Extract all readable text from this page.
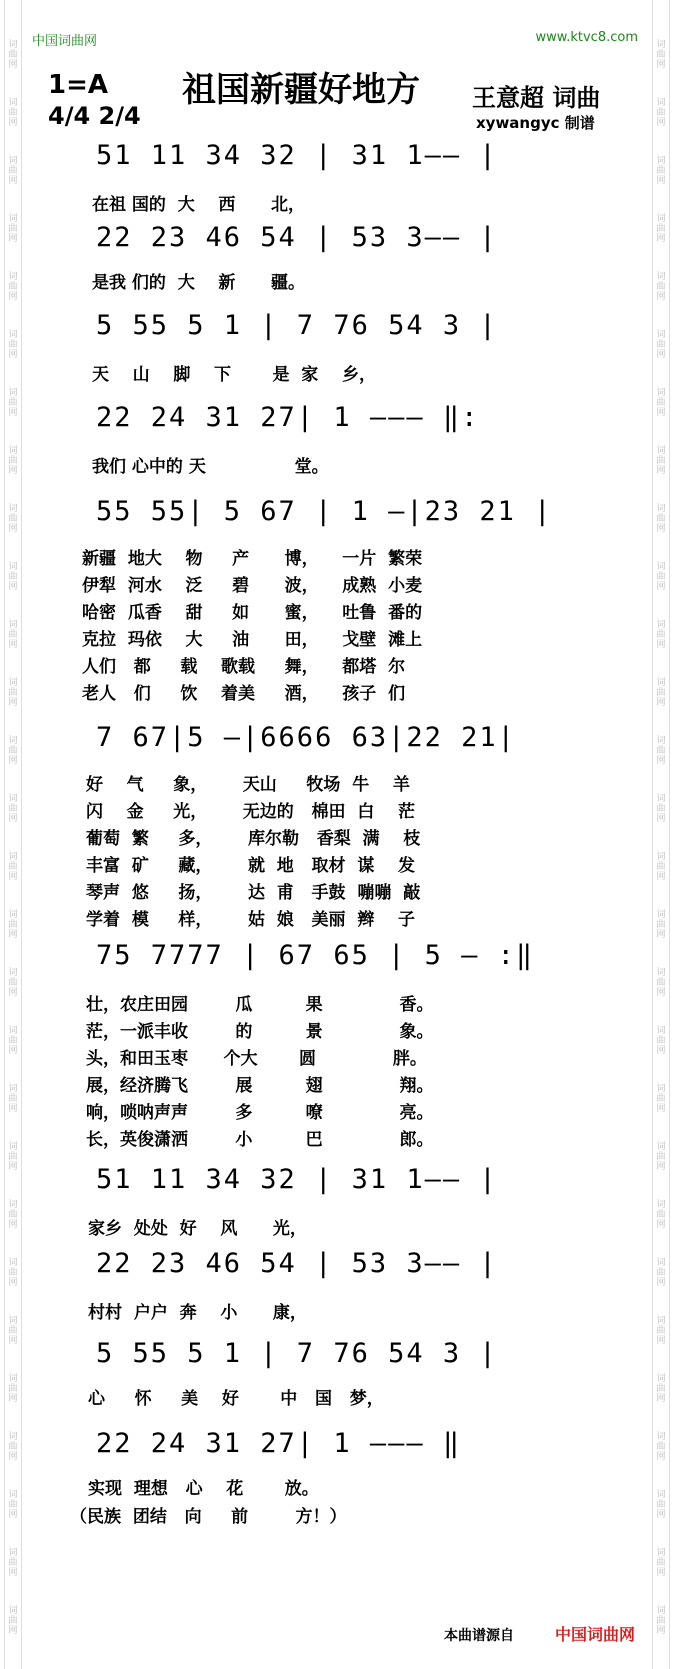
词
曲
网
词
曲
网
词
曲
网
词
曲
网
词
曲
网
词
曲
网
词
曲
网
词
曲
网
词
曲
网
词
曲
网
词
曲
网
词
曲
网
词
曲
网
词
曲
网
词
曲
网
词
曲
网
词
曲
网
词
曲
网
词
曲
网
词
曲
网
词
曲
网
词
曲
网
词
曲
网
词
曲
网
词
曲
网
词
曲
网
词
曲
网
词
曲
网
词
曲
网
词
曲
网
词
曲
网
词
曲
网
词
曲
网
词
曲
网
词
曲
网
词
曲
网
词
曲
网
词
曲
网
词
曲
网
词
曲
网
词
曲
网
词
曲
网
词
曲
网
词
曲
网
词
曲
网
词
曲
网
词
曲
网
词
曲
网
词
曲
网
词
曲
网
词
曲
网
词
曲
网
词
曲
网
词
曲
网
词
曲
网
词
曲
网
中国词曲网	www.ktvc8.com
1=A
4/4 2/4
祖国新疆好地方 王意超 词曲
xywangyc 制谱
51 11 34 32 | 31 1—— |
在祖 国的  大    西      北，
22 23 46 54 | 53 3—— |
是我 们的  大    新      疆。
5 55 5 1 | 7 76 54 3 |
天    山    脚    下       是  家    乡，
22 24 31 27| 1 ——— ‖:
我们 心中的 天               堂。
55 55| 5 67 | 1 —|23 21 |
新疆  地大    物     产      博，    一片  繁荣
伊犁  河水    泛     碧      波，    成熟  小麦
哈密  瓜香    甜     如      蜜，    吐鲁  番的
克拉  玛依    大     油      田，    戈壁  滩上
人们   都     载    歌载     舞，    都塔  尔
老人   们     饮    着美     酒，    孩子  们
7 67|5 —|6666 63|22 21|
好    气     象，      天山     牧场  牛    羊
闪    金     光，      无边的   棉田  白    茫
葡萄  繁     多，      库尔勒   香梨  满    枝
丰富  矿     藏，      就  地   取材  谋    发
琴声  悠     扬，      达  甫   手鼓  嘣嘣  敲
学着  模     样，      姑  娘   美丽  辫    子
75 7777 | 67 65 | 5 — :‖
壮，农庄田园        瓜         果             香。
茫，一派丰收        的         景             象。
头，和田玉枣      个大       圆             胖。
展，经济腾飞        展         翅             翔。
响，唢呐声声        多         嘹             亮。
长，英俊潇洒        小         巴             郎。
51 11 34 32 | 31 1—— |
家乡  处处  好    风      光，
22 23 46 54 | 53 3—— |
村村  户户  奔    小      康，
5 55 5 1 | 7 76 54 3 |
心     怀     美    好       中   国   梦，
22 24 31 27| 1 ——— ‖
实现  理想   心    花       放。
（民族  团结   向     前        方！）
本曲谱源自	中国词曲网
